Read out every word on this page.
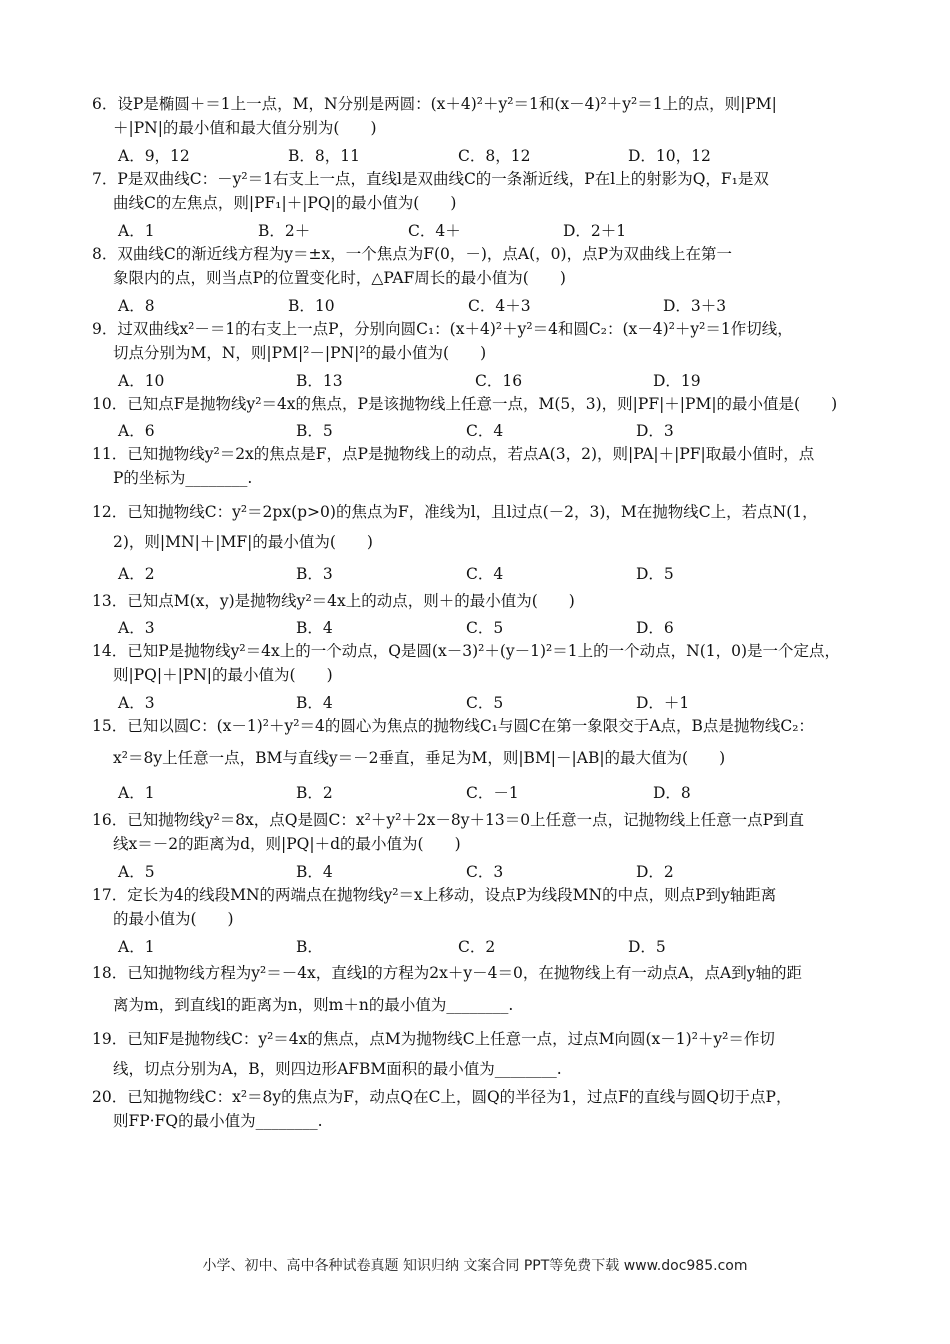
6．设P是椭圆＋＝1上一点，M，N分别是两圆：(x＋4)²＋y²＝1和(x－4)²＋y²＝1上的点，则|PM|
＋|PN|的最小值和最大值分别为(　　)
A．9，12	B．8，11	C．8，12	D．10，12
7．P是双曲线C：－y²＝1右支上一点，直线l是双曲线C的一条渐近线，P在l上的射影为Q，F₁是双
曲线C的左焦点，则|PF₁|＋|PQ|的最小值为(　　)
A．1	B．2＋	C．4＋	D．2＋1
8．双曲线C的渐近线方程为y＝±x，一个焦点为F(0，－)，点A(，0)，点P为双曲线上在第一
象限内的点，则当点P的位置变化时，△PAF周长的最小值为(　　)
A．8	B．10	C．4＋3	D．3＋3
9．过双曲线x²－＝1的右支上一点P，分别向圆C₁：(x＋4)²＋y²＝4和圆C₂：(x－4)²＋y²＝1作切线，
切点分别为M，N，则|PM|²－|PN|²的最小值为(　　)
A．10	B．13	C．16	D．19
10．已知点F是抛物线y²＝4x的焦点，P是该抛物线上任意一点，M(5，3)，则|PF|＋|PM|的最小值是(　　)
A．6	B．5	C．4	D．3
11．已知抛物线y²＝2x的焦点是F，点P是抛物线上的动点，若点A(3，2)，则|PA|＋|PF|取最小值时，点
P的坐标为________.
12．已知抛物线C：y²＝2px(p>0)的焦点为F，准线为l，且l过点(－2，3)，M在抛物线C上，若点N(1，
2)，则|MN|＋|MF|的最小值为(　　)
A．2	B．3	C．4	D．5
13．已知点M(x，y)是抛物线y²＝4x上的动点，则＋的最小值为(　　)
A．3	B．4	C．5	D．6
14．已知P是抛物线y²＝4x上的一个动点，Q是圆(x－3)²＋(y－1)²＝1上的一个动点，N(1，0)是一个定点，
则|PQ|＋|PN|的最小值为(　　)
A．3	B．4	C．5	D．＋1
15．已知以圆C：(x－1)²＋y²＝4的圆心为焦点的抛物线C₁与圆C在第一象限交于A点，B点是抛物线C₂：
x²＝8y上任意一点，BM与直线y＝－2垂直，垂足为M，则|BM|－|AB|的最大值为(　　)
A．1	B．2	C．－1	D．8
16．已知抛物线y²＝8x，点Q是圆C：x²＋y²＋2x－8y＋13＝0上任意一点，记抛物线上任意一点P到直
线x＝－2的距离为d，则|PQ|＋d的最小值为(　　)
A．5	B．4	C．3	D．2
17．定长为4的线段MN的两端点在抛物线y²＝x上移动，设点P为线段MN的中点，则点P到y轴距离
的最小值为(　　)
A．1	B．	C．2	D．5
18．已知抛物线方程为y²＝－4x，直线l的方程为2x＋y－4＝0，在抛物线上有一动点A，点A到y轴的距
离为m，到直线l的距离为n，则m＋n的最小值为________.
19．已知F是抛物线C：y²＝4x的焦点，点M为抛物线C上任意一点，过点M向圆(x－1)²＋y²＝作切
线，切点分别为A，B，则四边形AFBM面积的最小值为________.
20．已知抛物线C：x²＝8y的焦点为F，动点Q在C上，圆Q的半径为1，过点F的直线与圆Q切于点P，
则FP·FQ的最小值为________.
小学、初中、高中各种试卷真题 知识归纳 文案合同 PPT等免费下载 www.doc985.com
